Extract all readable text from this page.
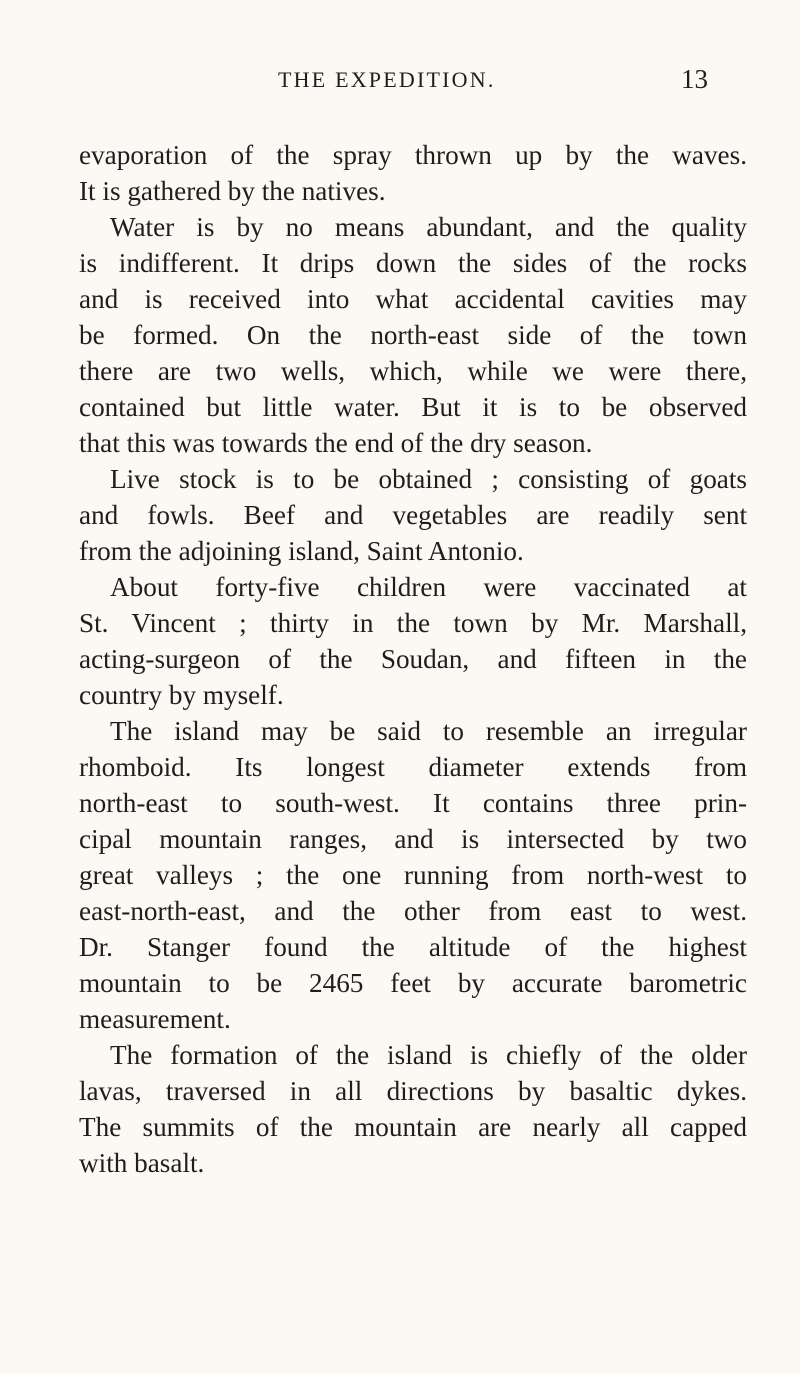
THE EXPEDITION.	13
evaporation of the spray thrown up by the waves.
It is gathered by the natives.
Water is by no means abundant, and the quality
is indifferent. It drips down the sides of the rocks
and is received into what accidental cavities may
be formed. On the north-east side of the town
there are two wells, which, while we were there,
contained but little water. But it is to be observed
that this was towards the end of the dry season.
Live stock is to be obtained ; consisting of goats
and fowls. Beef and vegetables are readily sent
from the adjoining island, Saint Antonio.
About forty-five children were vaccinated at
St. Vincent ; thirty in the town by Mr. Marshall,
acting-surgeon of the Soudan, and fifteen in the
country by myself.
The island may be said to resemble an irregular
rhomboid. Its longest diameter extends from
north-east to south-west. It contains three prin-
cipal mountain ranges, and is intersected by two
great valleys ; the one running from north-west to
east-north-east, and the other from east to west.
Dr. Stanger found the altitude of the highest
mountain to be 2465 feet by accurate barometric
measurement.
The formation of the island is chiefly of the older
lavas, traversed in all directions by basaltic dykes.
The summits of the mountain are nearly all capped
with basalt.
